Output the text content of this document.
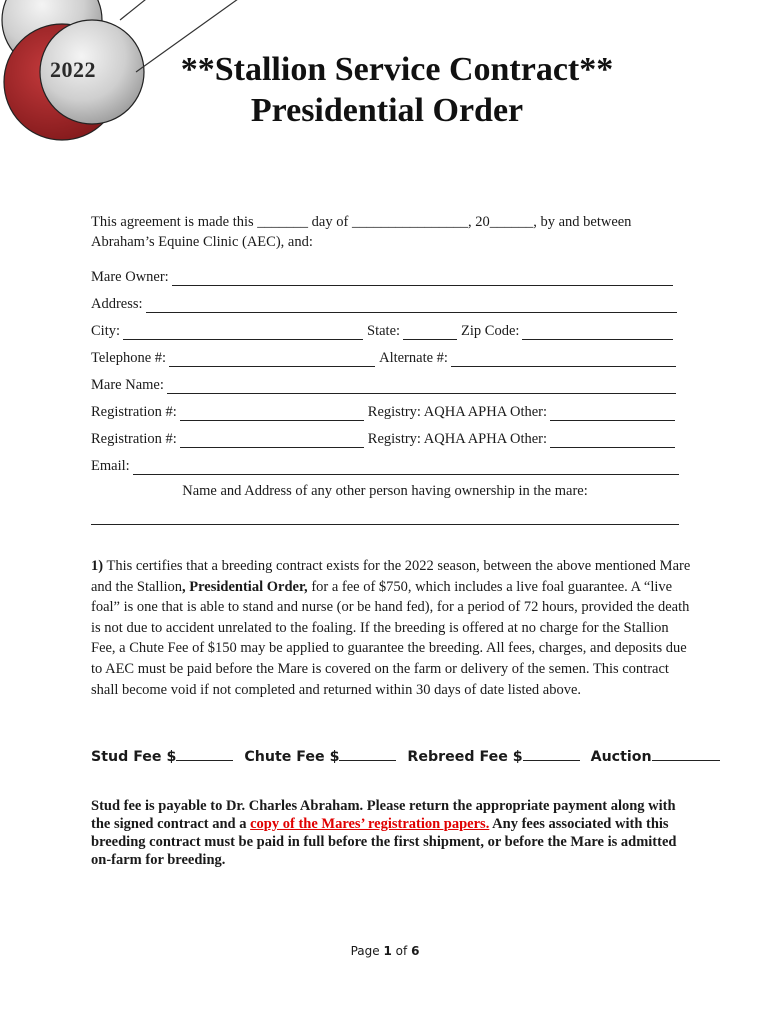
2022	**Stallion Service Contract**
Presidential Order
This agreement is made this _______ day of ________________, 20______, by and between
Abraham’s Equine Clinic (AEC), and:
Mare Owner:
Address:
City:	State:	Zip Code:
Telephone #:	Alternate #:
Mare Name:
Registration #:	Registry: AQHA APHA Other:
Registration #:	Registry: AQHA APHA Other:
Email:
Name and Address of any other person having ownership in the mare:
1) This certifies that a breeding contract exists for the 2022 season, between the above mentioned Mare and the Stallion, Presidential Order, for a fee of $750, which includes a live foal guarantee. A “live foal” is one that is able to stand and nurse (or be hand fed), for a period of 72 hours, provided the death is not due to accident unrelated to the foaling. If the breeding is offered at no charge for the Stallion Fee, a Chute Fee of $150 may be applied to guarantee the breeding. All fees, charges, and deposits due to AEC must be paid before the Mare is covered on the farm or delivery of the semen. This contract shall become void if not completed and returned within 30 days of date listed above.
Stud Fee $	Chute Fee $	Rebreed Fee $	Auction
Stud fee is payable to Dr. Charles Abraham. Please return the appropriate payment along with the signed contract and a copy of the Mares’ registration papers. Any fees associated with this breeding contract must be paid in full before the first shipment, or before the Mare is admitted on-farm for breeding.
Page 1 of 6
